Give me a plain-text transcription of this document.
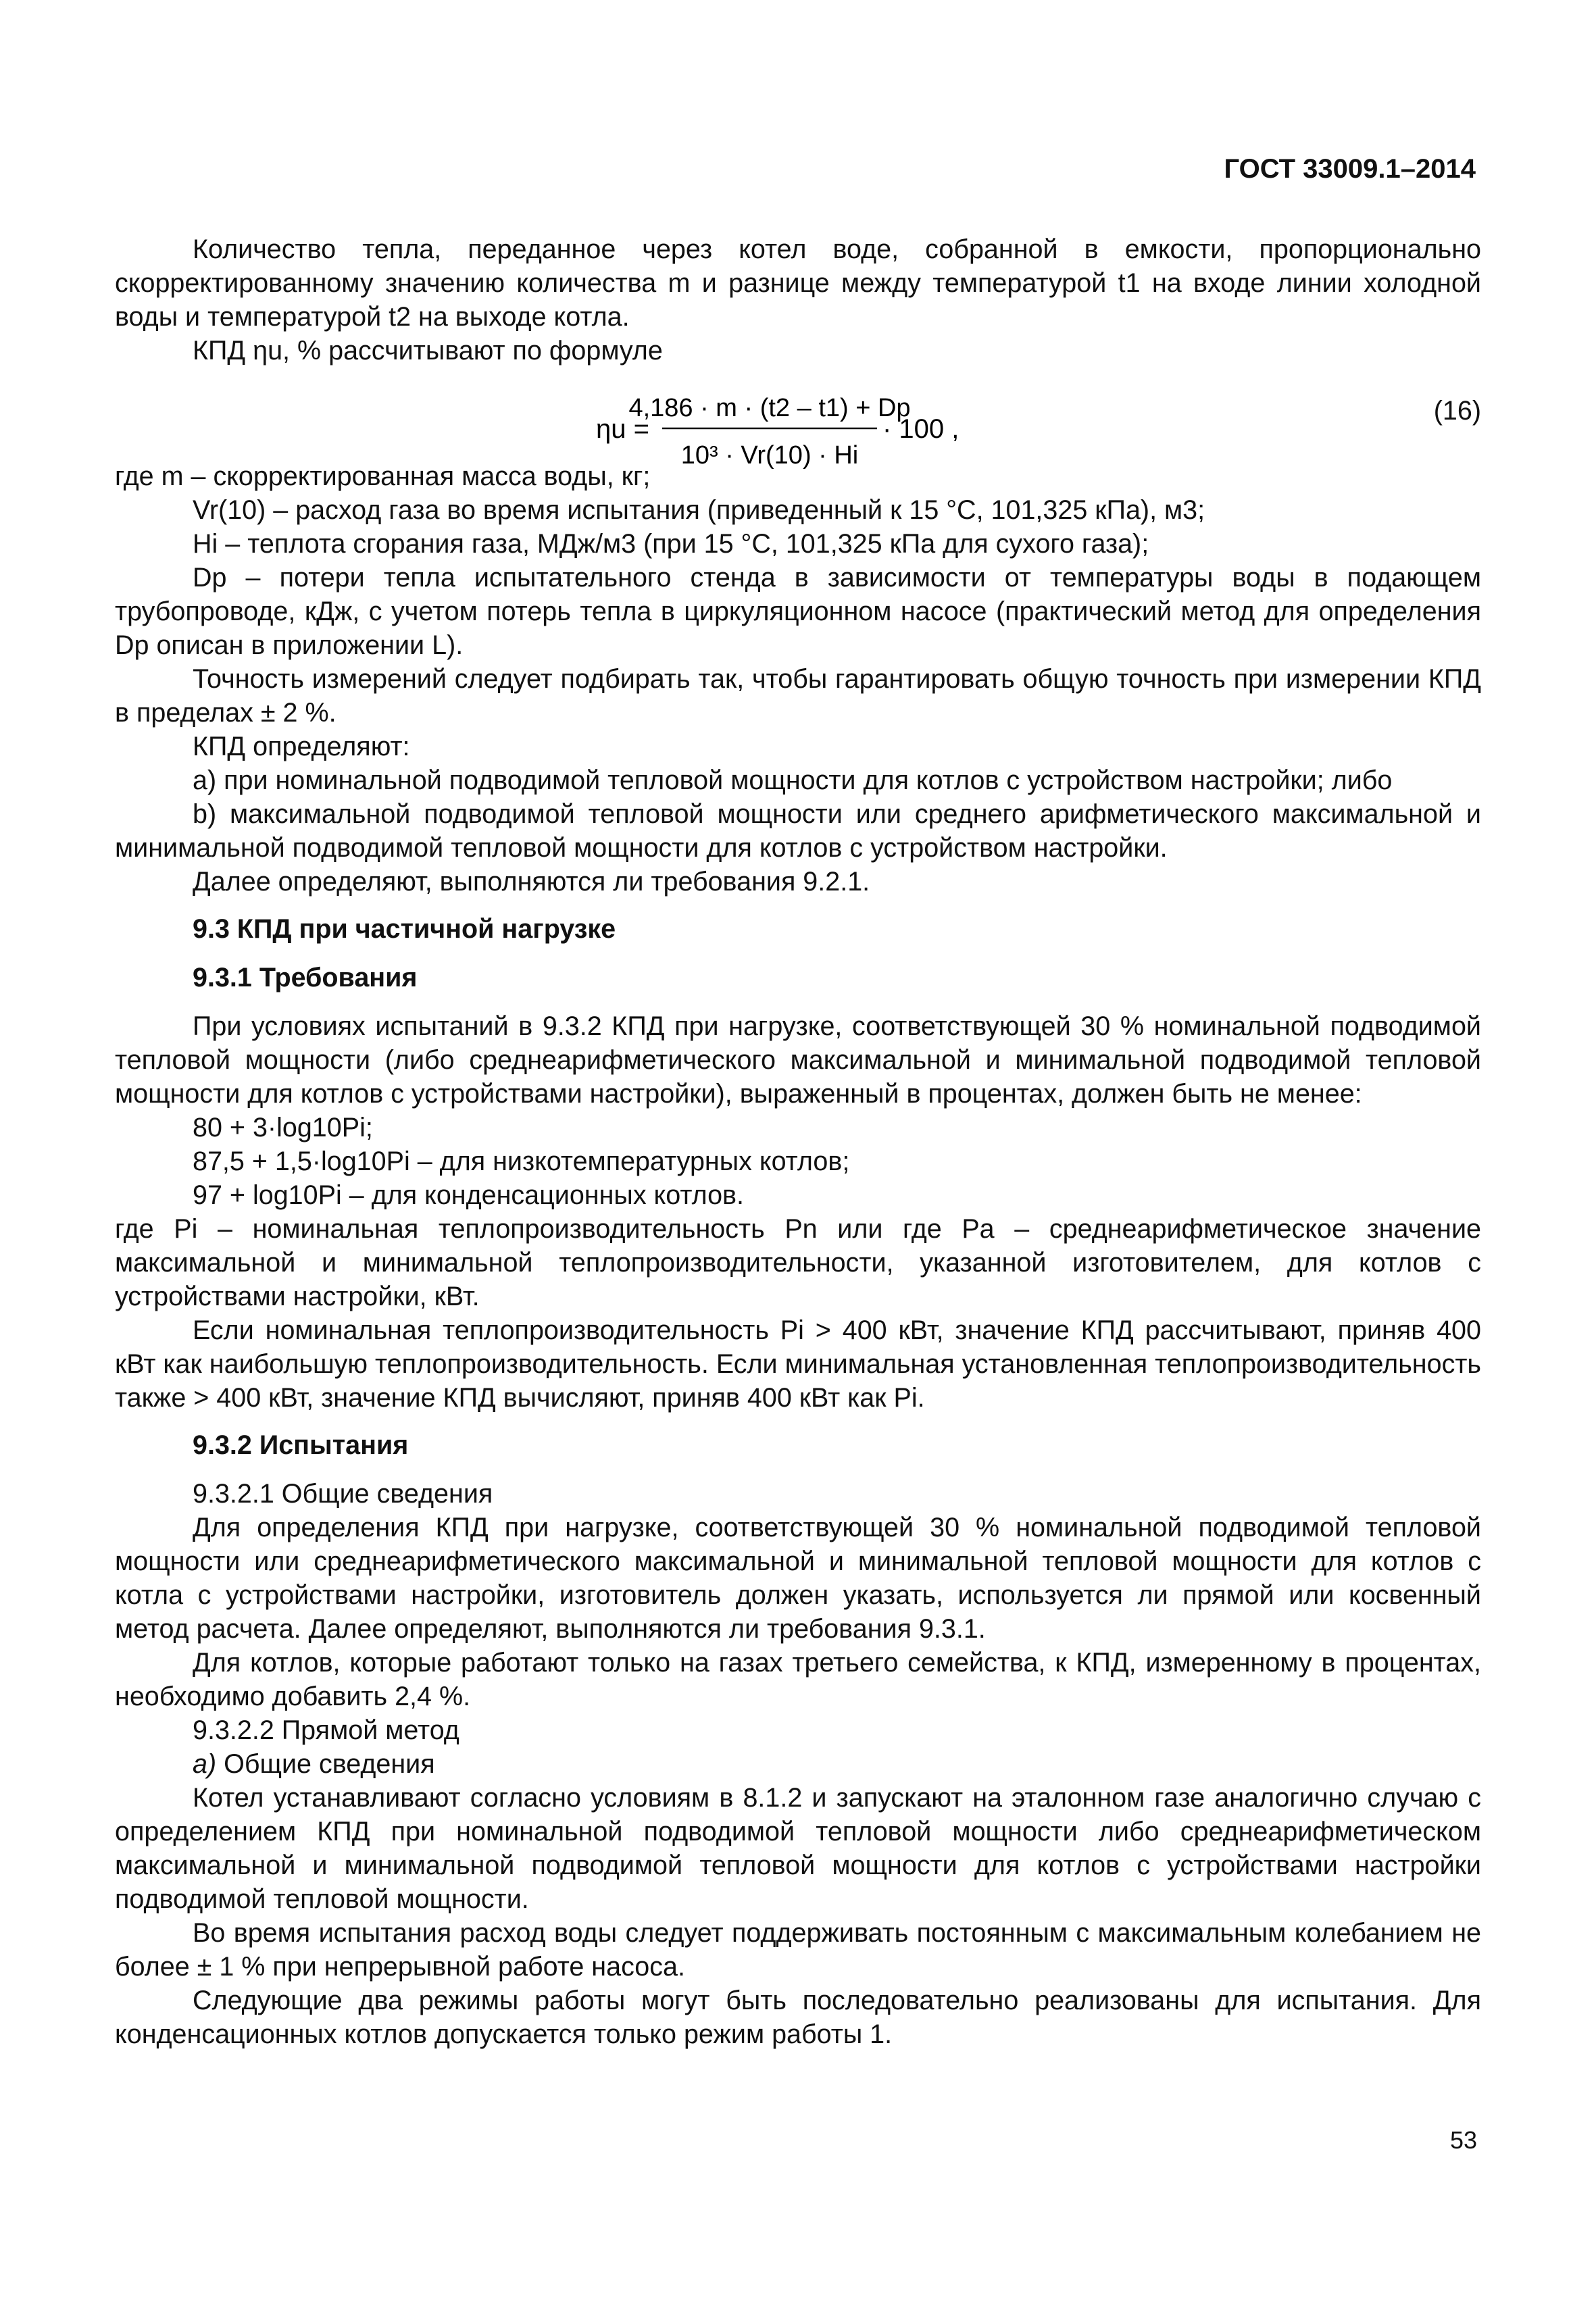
ГОСТ 33009.1–2014

Количество тепла, переданное через котел воде, собранной в емкости, пропорционально скорректированному значению количества m и разнице между температурой t1 на входе линии холодной воды и температурой t2 на выходе котла.

КПД ηu, % рассчитывают по формуле

ηu =
4,186 · m · (t2 – t1) + Dp
10³ · Vr(10) · Hi
· 100 ,
(16)

где m – скорректированная масса воды, кг;

Vr(10) – расход газа во время испытания (приведенный к 15 °С, 101,325 кПа), м3;

Hi – теплота сгорания газа, МДж/м3 (при 15 °С, 101,325 кПа для сухого газа);

Dp – потери тепла испытательного стенда в зависимости от температуры воды в подающем трубопроводе, кДж, с учетом потерь тепла в циркуляционном насосе (практический метод для определения Dp описан в приложении L).

Точность измерений следует подбирать так, чтобы гарантировать общую точность при измерении КПД в пределах ± 2 %.

КПД определяют:

а) при номинальной подводимой тепловой мощности для котлов с устройством настройки; либо

b) максимальной подводимой тепловой мощности или среднего арифметического максимальной и минимальной подводимой тепловой мощности для котлов с устройством настройки.

Далее определяют, выполняются ли требования 9.2.1.

9.3 КПД при частичной нагрузке
9.3.1 Требования

При условиях испытаний в 9.3.2 КПД при нагрузке, соответствующей 30 % номинальной подводимой тепловой мощности (либо среднеарифметического максимальной и минимальной подводимой тепловой мощности для котлов с устройствами настройки), выраженный в процентах, должен быть не менее:

80 + 3·log10Pi;

87,5 + 1,5·log10Pi – для низкотемпературных котлов;

97 + log10Pi – для конденсационных котлов.

где Pi – номинальная теплопроизводительность Pn или где Pa – среднеарифметическое значение максимальной и минимальной теплопроизводительности, указанной изготовителем, для котлов с устройствами настройки, кВт.

Если номинальная теплопроизводительность Pi > 400 кВт, значение КПД рассчитывают, приняв 400 кВт как наибольшую теплопроизводительность. Если минимальная установленная теплопроизводительность также > 400 кВт, значение КПД вычисляют, приняв 400 кВт как Pi.

9.3.2 Испытания

9.3.2.1 Общие сведения

Для определения КПД при нагрузке, соответствующей 30 % номинальной подводимой тепловой мощности или среднеарифметического максимальной и минимальной тепловой мощности для котлов с котла с устройствами настройки, изготовитель должен указать, используется ли прямой или косвенный метод расчета. Далее определяют, выполняются ли требования 9.3.1.

Для котлов, которые работают только на газах третьего семейства, к КПД, измеренному в процентах, необходимо добавить 2,4 %.

9.3.2.2 Прямой метод

а) Общие сведения

Котел устанавливают согласно условиям в 8.1.2 и запускают на эталонном газе аналогично случаю с определением КПД при номинальной подводимой тепловой мощности либо среднеарифметическом максимальной и минимальной подводимой тепловой мощности для котлов с устройствами настройки подводимой тепловой мощности.

Во время испытания расход воды следует поддерживать постоянным с максимальным колебанием не более ± 1 % при непрерывной работе насоса.

Следующие два режимы работы могут быть последовательно реализованы для испытания. Для конденсационных котлов допускается только режим работы 1.

53
